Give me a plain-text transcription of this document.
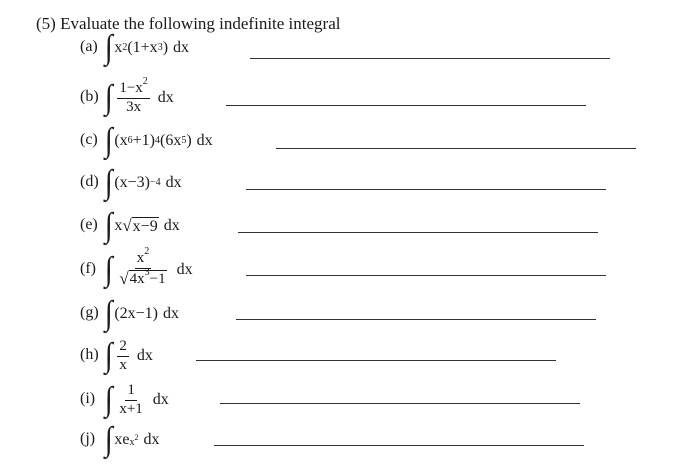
(5) Evaluate the following indefinite integral
(a) ∫ x 2 (1+x 3 ) dx
(b) ∫ $\frac{1-x^2}{3x}$ dx
(c) ∫ (x 6 +1) 4 (6x 5 ) dx
(d) ∫ (x−3) −4 dx
(e) ∫ x √ x−9 dx
(f) ∫ $\frac{x^2}{√ 4x^3-1}$ dx
(g) ∫ (2x−1) dx
(h) ∫ $\frac{2}{x}$ dx
(i) ∫ $\frac{1}{x+1}$ dx
(j) ∫ xe $x^2$ dx
